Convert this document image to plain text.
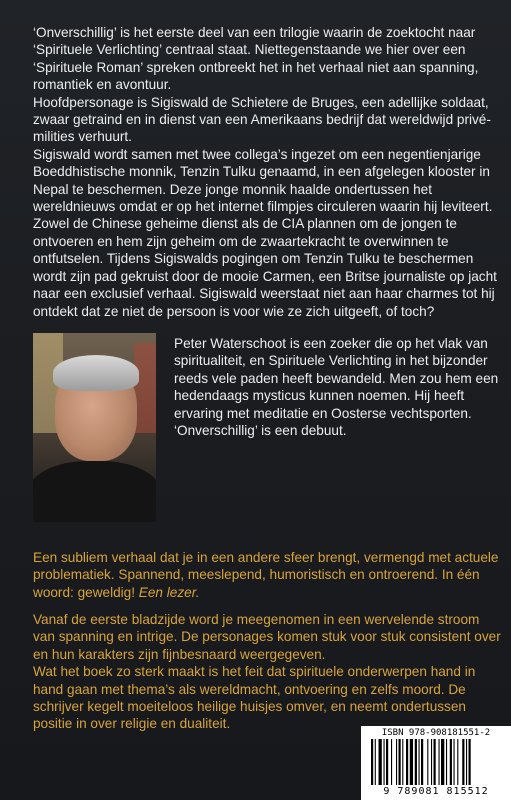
‘Onverschillig’ is het eerste deel van een trilogie waarin de zoektocht naar ‘Spirituele Verlichting’ centraal staat. Niettegenstaande we hier over een ‘Spirituele Roman’ spreken ontbreekt het in het verhaal niet aan spanning, romantiek en avontuur.

Hoofdpersonage is Sigiswald de Schietere de Bruges, een adellijke soldaat, zwaar getraind en in dienst van een Amerikaans bedrijf dat wereldwijd privé-milities verhuurt.

Sigiswald wordt samen met twee collega’s ingezet om een negentienjarige Boeddhistische monnik, Tenzin Tulku genaamd, in een afgelegen klooster in Nepal te beschermen. Deze jonge monnik haalde ondertussen het wereldnieuws omdat er op het internet filmpjes circuleren waarin hij leviteert.

Zowel de Chinese geheime dienst als de CIA plannen om de jongen te ontvoeren en hem zijn geheim om de zwaartekracht te overwinnen te ontfutselen. Tijdens Sigiswalds pogingen om Tenzin Tulku te beschermen wordt zijn pad gekruist door de mooie Carmen, een Britse journaliste op jacht naar een exclusief verhaal. Sigiswald weerstaat niet aan haar charmes tot hij ontdekt dat ze niet de persoon is voor wie ze zich uitgeeft, of toch?

Peter Waterschoot is een zoeker die op het vlak van spiritualiteit, en Spirituele Verlichting in het bijzonder reeds vele paden heeft bewandeld. Men zou hem een hedendaags mysticus kunnen noemen. Hij heeft ervaring met meditatie en Oosterse vechtsporten.

‘Onverschillig’ is een debuut.

Een subliem verhaal dat je in een andere sfeer brengt, vermengd met actuele problematiek. Spannend, meeslepend, humoristisch en ontroerend. In één woord: geweldig! Een lezer.

Vanaf de eerste bladzijde word je meegenomen in een wervelende stroom van spanning en intrige. De personages komen stuk voor stuk consistent over en hun karakters zijn fijnbesnaard weergegeven.

Wat het boek zo sterk maakt is het feit dat spirituele onderwerpen hand in hand gaan met thema’s als wereldmacht, ontvoering en zelfs moord. De schrijver kegelt moeiteloos heilige huisjes omver, en neemt ondertussen positie in over religie en dualiteit.

ISBN 978-908181551-2
9 789081 815512
